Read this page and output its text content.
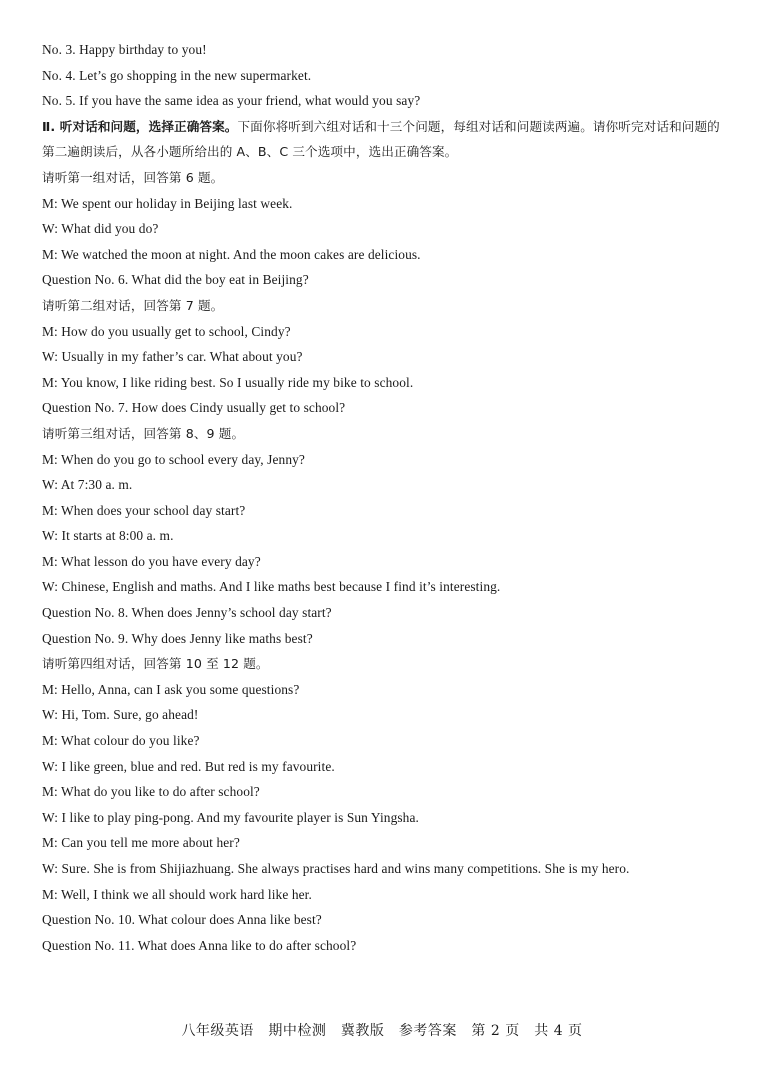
No. 3. Happy birthday to you!
No. 4. Let’s go shopping in the new supermarket.
No. 5. If you have the same idea as your friend, what would you say?
Ⅱ. 听对话和问题，选择正确答案。下面你将听到六组对话和十三个问题，每组对话和问题读两遍。请你听完对话和问题的第二遍朗读后，从各小题所给出的 A、B、C 三个选项中，选出正确答案。
请听第一组对话，回答第 6 题。
M: We spent our holiday in Beijing last week.
W: What did you do?
M: We watched the moon at night. And the moon cakes are delicious.
Question No. 6. What did the boy eat in Beijing?
请听第二组对话，回答第 7 题。
M: How do you usually get to school, Cindy?
W: Usually in my father’s car. What about you?
M: You know, I like riding best. So I usually ride my bike to school.
Question No. 7. How does Cindy usually get to school?
请听第三组对话，回答第 8、9 题。
M: When do you go to school every day, Jenny?
W: At 7:30 a. m.
M: When does your school day start?
W: It starts at 8:00 a. m.
M: What lesson do you have every day?
W: Chinese, English and maths. And I like maths best because I find it’s interesting.
Question No. 8. When does Jenny’s school day start?
Question No. 9. Why does Jenny like maths best?
请听第四组对话，回答第 10 至 12 题。
M: Hello, Anna, can I ask you some questions?
W: Hi, Tom. Sure, go ahead!
M: What colour do you like?
W: I like green, blue and red. But red is my favourite.
M: What do you like to do after school?
W: I like to play ping-pong. And my favourite player is Sun Yingsha.
M: Can you tell me more about her?
W: Sure. She is from Shijiazhuang. She always practises hard and wins many competitions. She is my hero.
M: Well, I think we all should work hard like her.
Question No. 10. What colour does Anna like best?
Question No. 11. What does Anna like to do after school?
八年级英语　期中检测　冀教版　参考答案　第 2 页　共 4 页
